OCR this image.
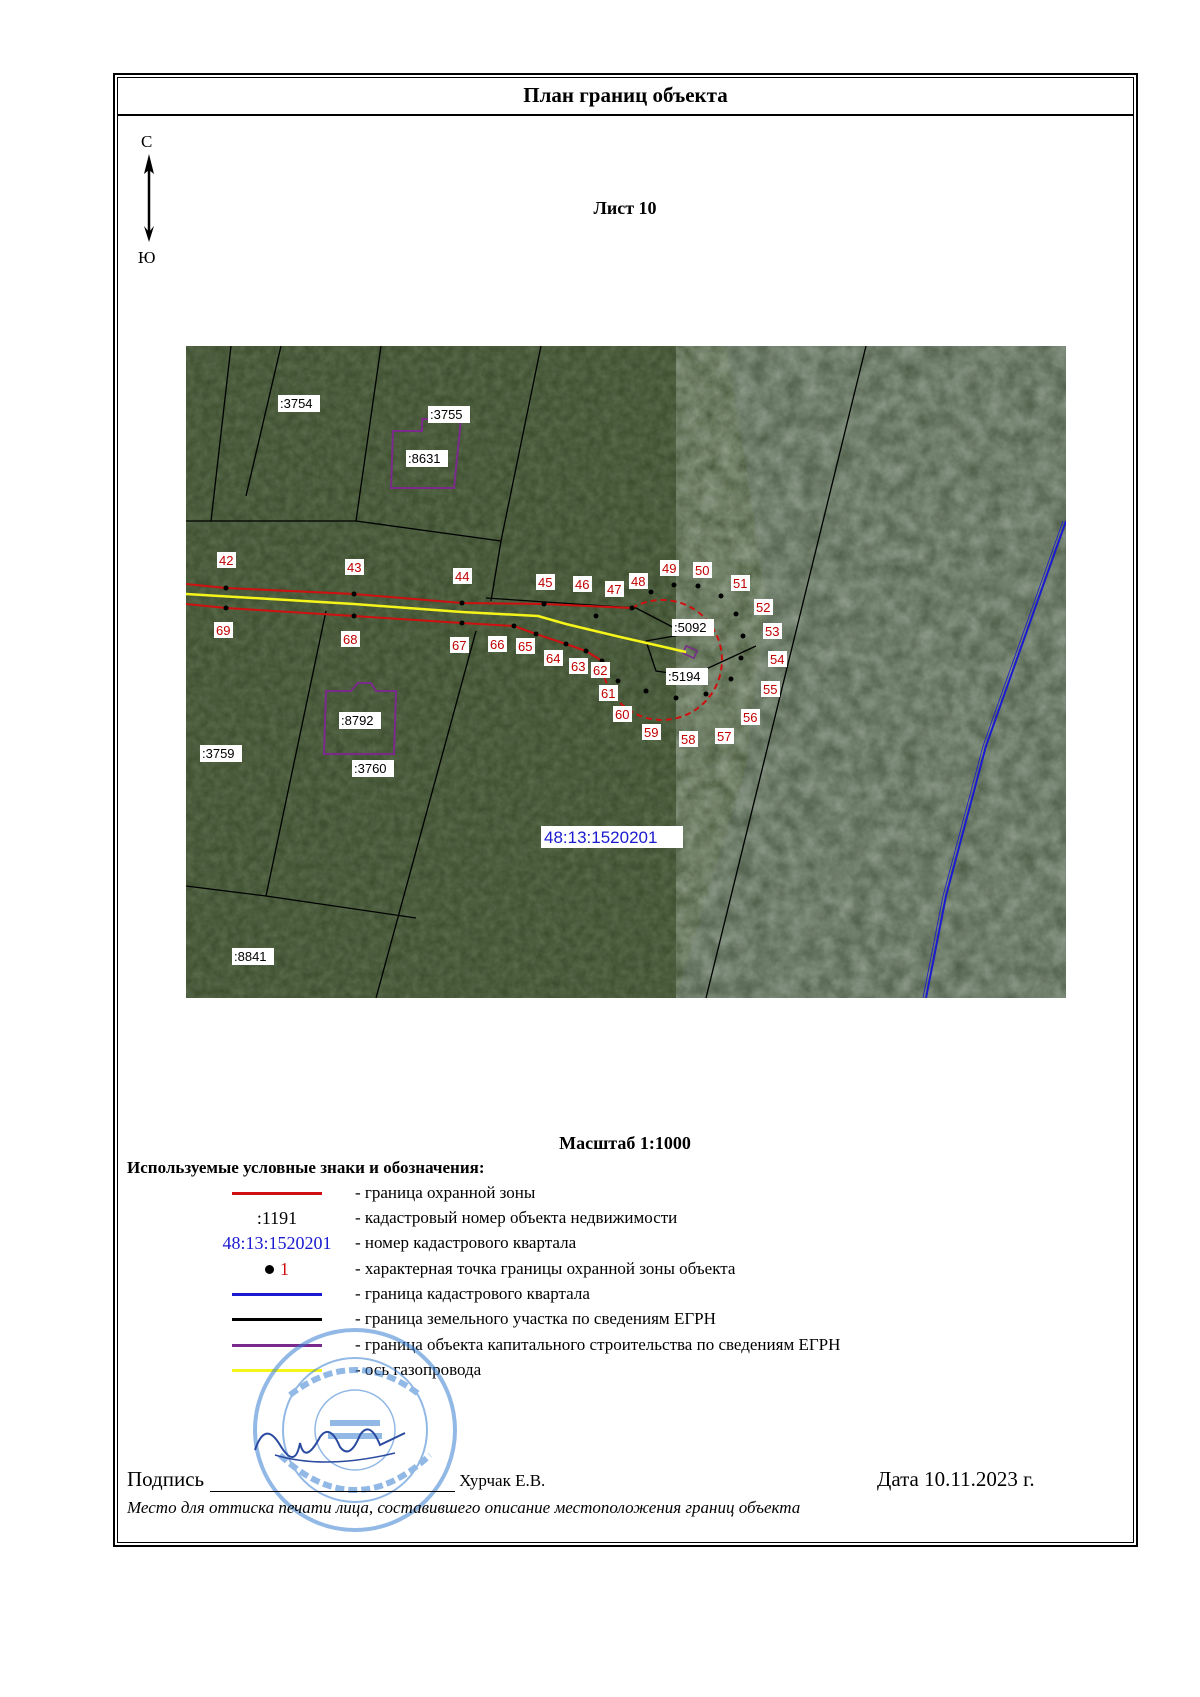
План границ объекта
С
Ю
Лист 10
42	43
44	45 46 47
48
49 50
51
52
53
54
55
56
57
58
59
60
61
62
63
64
65
66
67
68
69
:3754
:3755
:8631
:5092
:5194
:8792
:3760
:3759
:8841
48:13:1520201
Масштаб 1:1000
Используемые условные знаки и обозначения:
- граница охранной зоны
:1191	- кадастровый номер объекта недвижимости
48:13:1520201	- номер кадастрового квартала
1	- характерная точка границы охранной зоны объекта
- граница кадастрового квартала
- граница земельного участка по сведениям ЕГРН
- граница объекта капитального строительства по сведениям ЕГРН
- ось газопровода
Подпись	Хурчак Е.В.	Дата 10.11.2023 г.
Место для оттиска печати лица, составившего описание местоположения границ объекта
